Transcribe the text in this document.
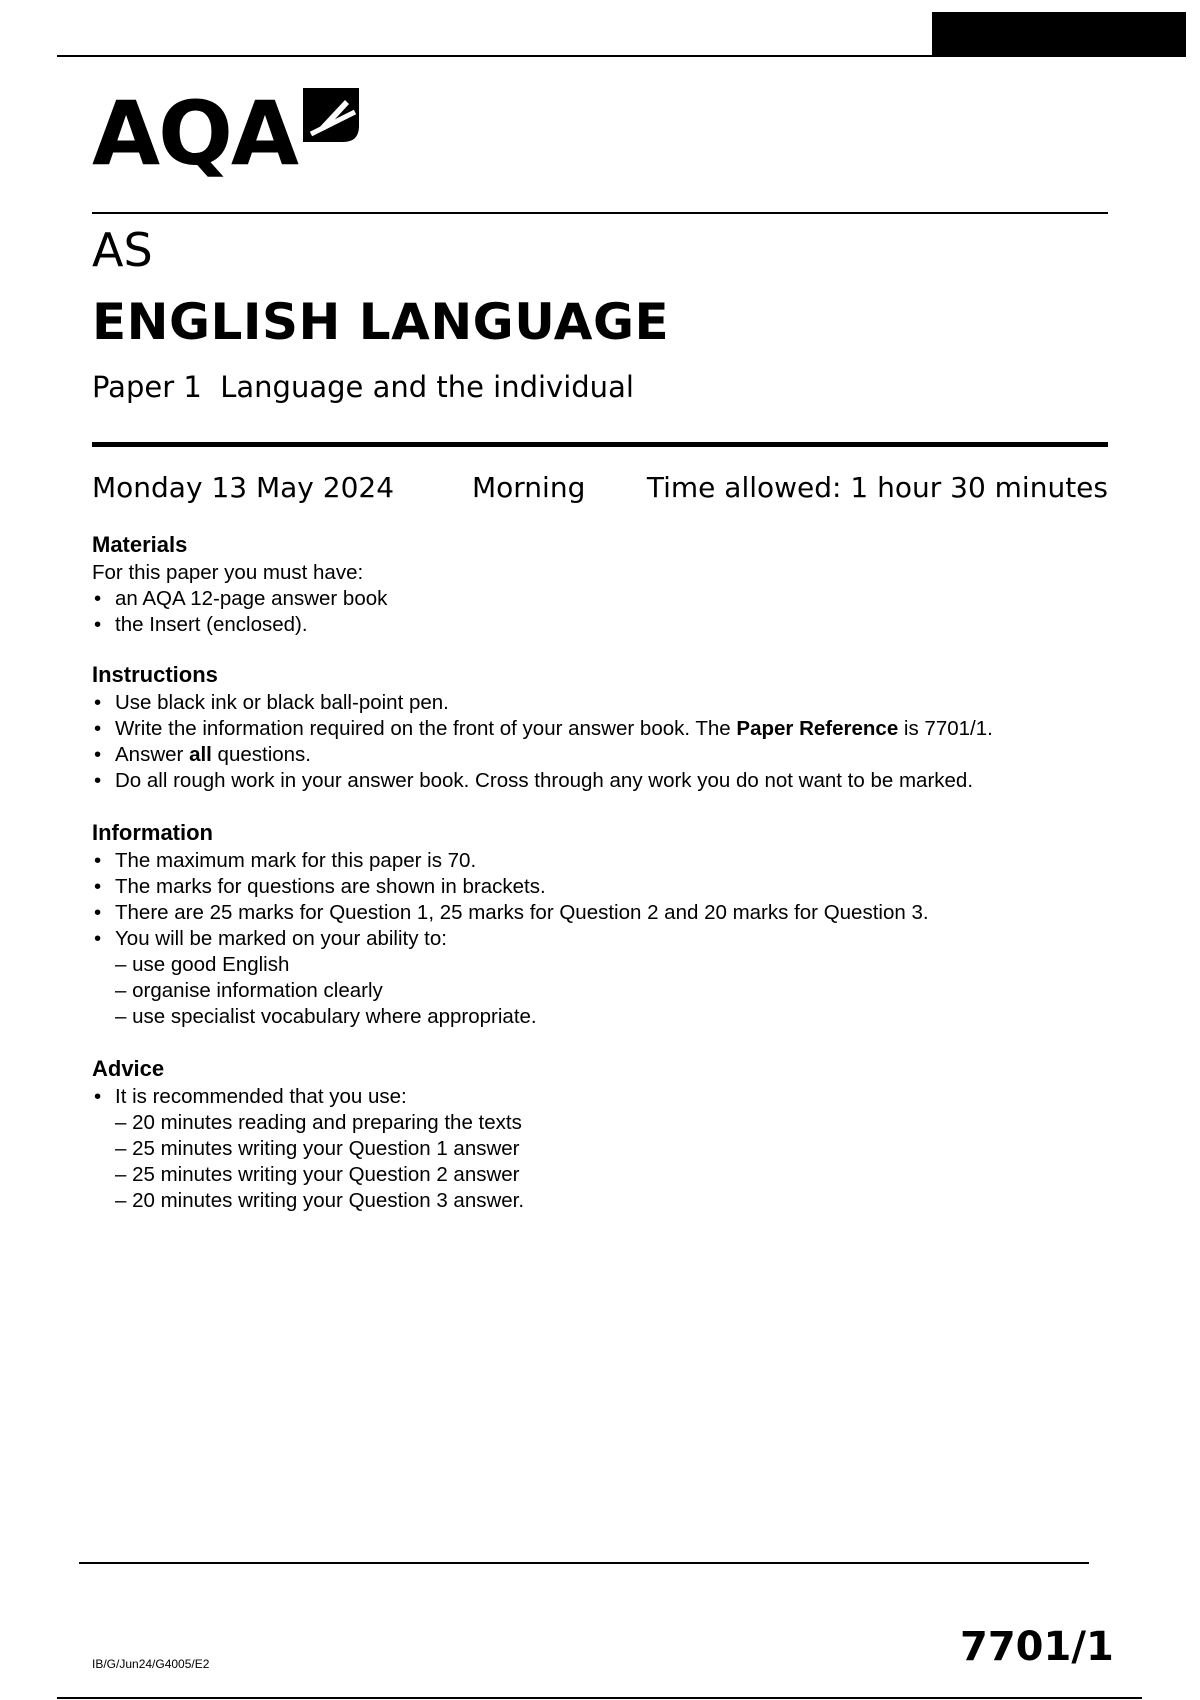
AQA
AS
ENGLISH LANGUAGE
Paper 1  Language and the individual
Monday 13 May 2024	Morning Time allowed: 1 hour 30 minutes
Materials

For this paper you must have:

• an AQA 12-page answer book
• the Insert (enclosed).
Instructions
• Use black ink or black ball-point pen.
• Write the information required on the front of your answer book. The Paper Reference is 7701/1.
• Answer all questions.
• Do all rough work in your answer book. Cross through any work you do not want to be marked.
Information
• The maximum mark for this paper is 70.
• The marks for questions are shown in brackets.
• There are 25 marks for Question 1, 25 marks for Question 2 and 20 marks for Question 3.
• You will be marked on your ability to:
– use good English
– organise information clearly
– use specialist vocabulary where appropriate.
Advice
• It is recommended that you use:
– 20 minutes reading and preparing the texts
– 25 minutes writing your Question 1 answer
– 25 minutes writing your Question 2 answer
– 20 minutes writing your Question 3 answer.
IB/G/Jun24/G4005/E2	7701/1
